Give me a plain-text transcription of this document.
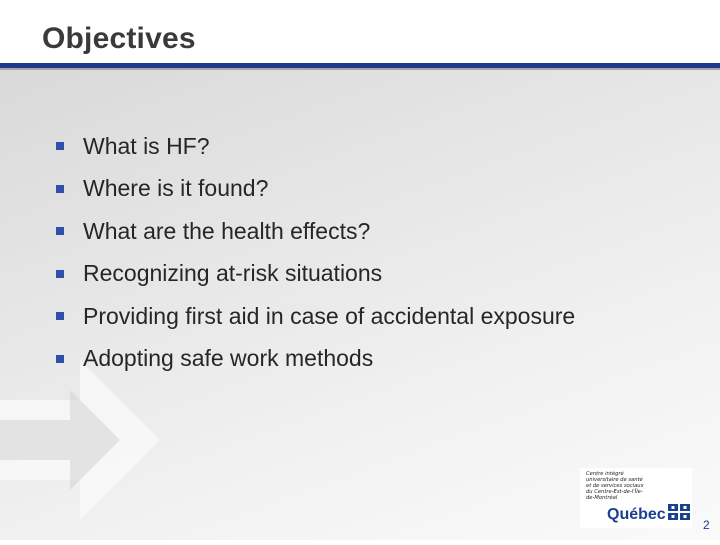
Objectives
What is HF?
Where is it found?
What are the health effects?
Recognizing at-risk situations
Providing first aid in case of accidental exposure
Adopting safe work methods
Centre intégré universitaire de santé et de services sociaux du Centre-Est-de-l'Île-de-Montréal
Québec
2
